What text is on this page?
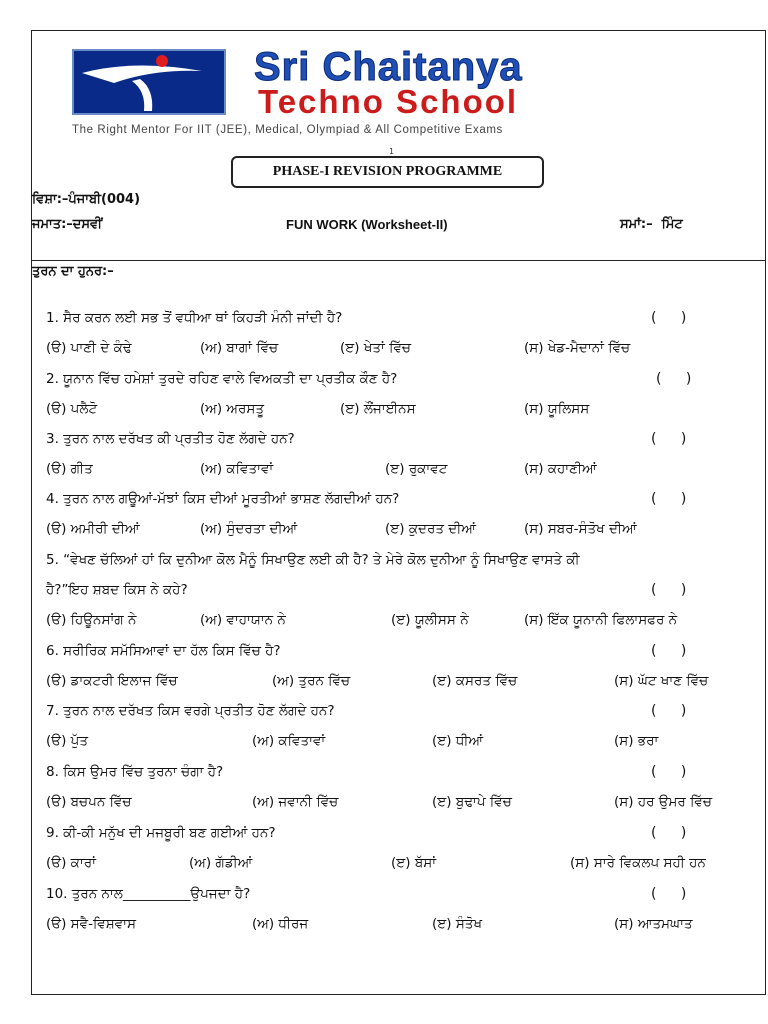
Sri Chaitanya
Techno School
The Right Mentor For IIT (JEE), Medical, Olympiad & All Competitive Exams
1
PHASE-I REVISION PROGRAMME
ਵਿਸ਼ਾ:–ਪੰਜਾਬੀ(004)
ਜਮਾਤ:–ਦਸਵੀਂ	FUN WORK (Worksheet-II)	ਸਮਾਂ:–  ਮਿੰਟ
ਤੁਰਨ ਦਾ ਹੁਨਰ:–
1. ਸੈਰ ਕਰਨ ਲਈ ਸਭ ਤੋਂ ਵਧੀਆ ਥਾਂ ਕਿਹੜੀ ਮੰਨੀ ਜਾਂਦੀ ਹੈ?	( )
(ੳ) ਪਾਣੀ ਦੇ ਕੰਢੇ	(ਅ) ਬਾਗਾਂ ਵਿੱਚ	(ੲ) ਖੇਤਾਂ ਵਿੱਚ	(ਸ) ਖੇਡ-ਮੈਦਾਨਾਂ ਵਿੱਚ
2. ਯੂਨਾਨ ਵਿੱਚ ਹਮੇਸ਼ਾਂ ਤੁਰਦੇ ਰਹਿਣ ਵਾਲੇ ਵਿਅਕਤੀ ਦਾ ਪ੍ਰਤੀਕ ਕੌਣ ਹੈ?	( )
(ੳ) ਪਲੈਟੋ	(ਅ) ਅਰਸਤੂ	(ੲ) ਲੌਂਜਾਈਨਸ	(ਸ) ਯੂਲਿਸਸ
3. ਤੁਰਨ ਨਾਲ ਦਰੱਖਤ ਕੀ ਪ੍ਰਤੀਤ ਹੋਣ ਲੱਗਦੇ ਹਨ?	( )
(ੳ) ਗੀਤ	(ਅ) ਕਵਿਤਾਵਾਂ	(ੲ) ਰੁਕਾਵਟ	(ਸ) ਕਹਾਣੀਆਂ
4. ਤੁਰਨ ਨਾਲ ਗਊਆਂ-ਮੱਝਾਂ ਕਿਸ ਦੀਆਂ ਮੂਰਤੀਆਂ ਭਾਸ਼ਣ ਲੱਗਦੀਆਂ ਹਨ?	( )
(ੳ) ਅਮੀਰੀ ਦੀਆਂ	(ਅ) ਸੁੰਦਰਤਾ ਦੀਆਂ	(ੲ) ਕੁਦਰਤ ਦੀਆਂ	(ਸ) ਸਬਰ-ਸੰਤੋਖ ਦੀਆਂ
5. “ਵੇਖਣ ਚੱਲਿਆਂ ਹਾਂ ਕਿ ਦੁਨੀਆ ਕੋਲ ਮੈਨੂੰ ਸਿਖਾਉਣ ਲਈ ਕੀ ਹੈ? ਤੇ ਮੇਰੇ ਕੋਲ ਦੁਨੀਆ ਨੂੰ ਸਿਖਾਉਣ ਵਾਸਤੇ ਕੀ
ਹੈ?”ਇਹ ਸ਼ਬਦ ਕਿਸ ਨੇ ਕਹੇ?	( )
(ੳ) ਹਿਊਨਸਾਂਗ ਨੇ	(ਅ) ਵਾਹਾਯਾਨ ਨੇ	(ੲ) ਯੂਲੀਸਸ ਨੇ	(ਸ) ਇੱਕ ਯੂਨਾਨੀ ਫਿਲਾਸਫਰ ਨੇ
6. ਸਰੀਰਿਕ ਸਮੱਸਿਆਵਾਂ ਦਾ ਹੱਲ ਕਿਸ ਵਿੱਚ ਹੈ?	( )
(ੳ) ਡਾਕਟਰੀ ਇਲਾਜ ਵਿੱਚ	(ਅ) ਤੁਰਨ ਵਿੱਚ	(ੲ) ਕਸਰਤ ਵਿੱਚ	(ਸ) ਘੱਟ ਖਾਣ ਵਿੱਚ
7. ਤੁਰਨ ਨਾਲ ਦਰੱਖਤ ਕਿਸ ਵਰਗੇ ਪ੍ਰਤੀਤ ਹੋਣ ਲੱਗਦੇ ਹਨ?	( )
(ੳ) ਪੁੱਤ	(ਅ) ਕਵਿਤਾਵਾਂ	(ੲ) ਧੀਆਂ	(ਸ) ਭਰਾ
8. ਕਿਸ ਉਮਰ ਵਿੱਚ ਤੁਰਨਾ ਚੰਗਾ ਹੈ?	( )
(ੳ) ਬਚਪਨ ਵਿੱਚ	(ਅ) ਜਵਾਨੀ ਵਿੱਚ	(ੲ) ਬੁਢਾਪੇ ਵਿੱਚ	(ਸ) ਹਰ ਉਮਰ ਵਿੱਚ
9. ਕੀ-ਕੀ ਮਨੁੱਖ ਦੀ ਮਜਬੂਰੀ ਬਣ ਗਈਆਂ ਹਨ?	( )
(ੳ) ਕਾਰਾਂ	(ਅ) ਗੱਡੀਆਂ	(ੲ) ਬੱਸਾਂ	(ਸ) ਸਾਰੇ ਵਿਕਲਪ ਸਹੀ ਹਨ
10. ਤੁਰਨ ਨਾਲ__________ਉਪਜਦਾ ਹੈ?	( )
(ੳ) ਸਵੈ-ਵਿਸ਼ਵਾਸ	(ਅ) ਧੀਰਜ	(ੲ) ਸੰਤੋਖ	(ਸ) ਆਤਮਘਾਤ
